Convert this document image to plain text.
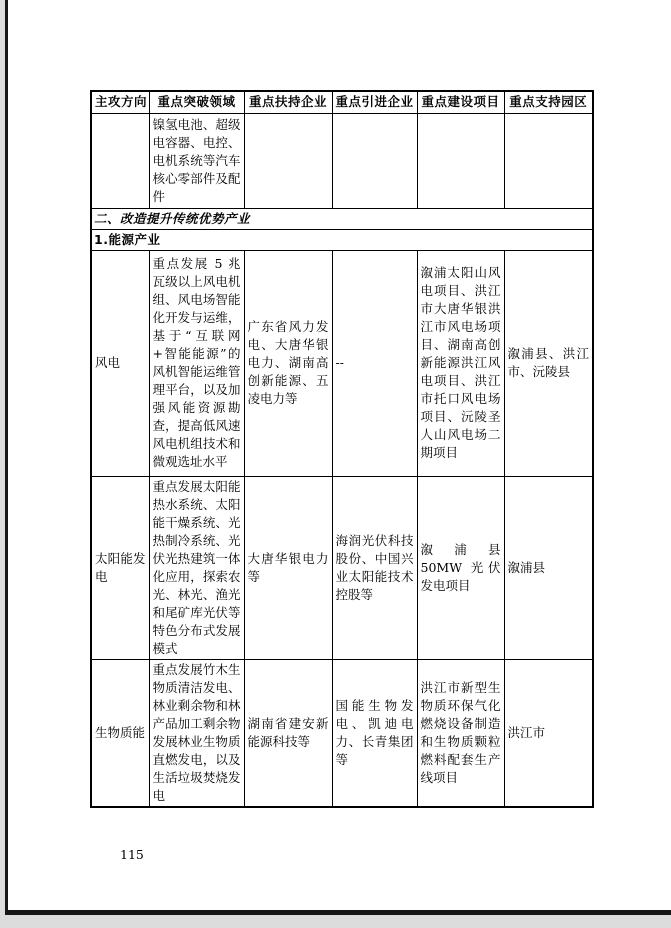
主攻方向	重点突破领域	重点扶持企业	重点引进企业	重点建设项目	重点支持园区
	镍氢电池、超级电容器、电控、电机系统等汽车核心零部件及配件				
二、改造提升传统优势产业					
1.能源产业					
风电	重点发展 5 兆瓦级以上风电机组、风电场智能化开发与运维，基于“互联网+智能能源”的风机智能运维管理平台，以及加强风能资源勘查，提高低风速风电机组技术和微观选址水平	广东省风力发电、大唐华银电力、湖南高创新能源、五凌电力等	--	溆浦太阳山风电项目、洪江市大唐华银洪江市风电场项目、湖南高创新能源洪江风电项目、洪江市托口风电场项目、沅陵圣人山风电场二期项目	溆浦县、洪江市、沅陵县
太阳能发电	重点发展太阳能热水系统、太阳能干燥系统、光热制冷系统、光伏光热建筑一体化应用，探索农光、林光、渔光和尾矿库光伏等特色分布式发展模式	大唐华银电力等	海润光伏科技股份、中国兴业太阳能技术控股等	溆浦县 50MW 光伏发电项目	溆浦县
生物质能	重点发展竹木生物质清洁发电、林业剩余物和林产品加工剩余物发展林业生物质直燃发电，以及生活垃圾焚烧发电	湖南省建安新能源科技等	国能生物发电、凯迪电力、长青集团等	洪江市新型生物质环保气化燃烧设备制造和生物质颗粒燃料配套生产线项目	洪江市
115
